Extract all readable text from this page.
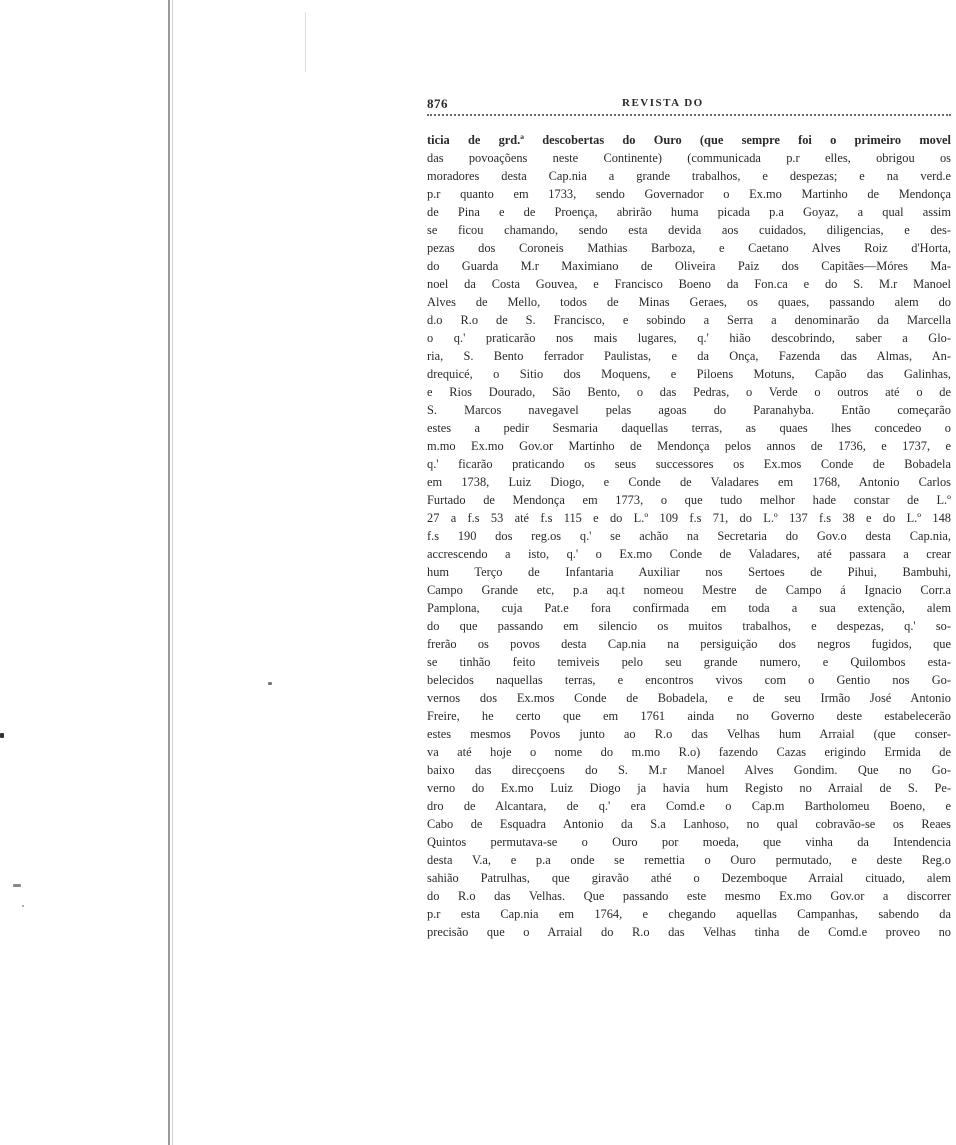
876	REVISTA DO
ticia de grd.ª descobertas do Ouro (que sempre foi o primeiro movel
das povoaçõens neste Continente) (communicada p.r elles, obrigou os
moradores desta Cap.nia a grande trabalhos, e despezas; e na verd.e
p.r quanto em 1733, sendo Governador o Ex.mo Martinho de Mendonça
de Pina e de Proença, abrirão huma picada p.a Goyaz, a qual assim
se ficou chamando, sendo esta devida aos cuidados, diligencias, e des-
pezas dos Coroneis Mathias Barboza, e Caetano Alves Roiz d'Horta,
do Guarda M.r Maximiano de Oliveira Paiz dos Capitães—Móres Ma-
noel da Costa Gouvea, e Francisco Boeno da Fon.ca e do S. M.r Manoel
Alves de Mello, todos de Minas Geraes, os quaes, passando alem do
d.o R.o de S. Francisco, e sobindo a Serra a denominarão da Marcella
o q.' praticarão nos mais lugares, q.' hião descobrindo, saber a Glo-
ria, S. Bento ferrador Paulistas, e da Onça, Fazenda das Almas, An-
drequicé, o Sitio dos Moquens, e Piloens Motuns, Capão das Galinhas,
e Rios Dourado, São Bento, o das Pedras, o Verde o outros até o de
S. Marcos navegavel pelas agoas do Paranahyba. Então começarão
estes a pedir Sesmaria daquellas terras, as quaes lhes concedeo o
m.mo Ex.mo Gov.or Martinho de Mendonça pelos annos de 1736, e 1737, e
q.' ficarão praticando os seus successores os Ex.mos Conde de Bobadela
em 1738, Luiz Diogo, e Conde de Valadares em 1768, Antonio Carlos
Furtado de Mendonça em 1773, o que tudo melhor hade constar de L.º
27 a f.s 53 até f.s 115 e do L.º 109 f.s 71, do L.º 137 f.s 38 e do L.º 148
f.s 190 dos reg.os q.' se achão na Secretaria do Gov.o desta Cap.nia,
accrescendo a isto, q.' o Ex.mo Conde de Valadares, até passara a crear
hum Terço de Infantaria Auxiliar nos Sertoes de Pihui, Bambuhi,
Campo Grande etc, p.a aq.t nomeou Mestre de Campo á Ignacio Corr.a
Pamplona, cuja Pat.e fora confirmada em toda a sua extenção, alem
do que passando em silencio os muitos trabalhos, e despezas, q.' so-
frerão os povos desta Cap.nia na persiguição dos negros fugidos, que
se tinhão feito temiveis pelo seu grande numero, e Quilombos esta-
belecidos naquellas terras, e encontros vivos com o Gentio nos Go-
vernos dos Ex.mos Conde de Bobadela, e de seu Irmão José Antonio
Freire, he certo que em 1761 ainda no Governo deste estabelecerão
estes mesmos Povos junto ao R.o das Velhas hum Arraial (que conser-
va até hoje o nome do m.mo R.o) fazendo Cazas erigindo Ermida de
baixo das direcçoens do S. M.r Manoel Alves Gondim. Que no Go-
verno do Ex.mo Luiz Diogo ja havia hum Registo no Arraial de S. Pe-
dro de Alcantara, de q.' era Comd.e o Cap.m Bartholomeu Boeno, e
Cabo de Esquadra Antonio da S.a Lanhoso, no qual cobravão-se os Reaes
Quintos permutava-se o Ouro por moeda, que vinha da Intendencia
desta V.a, e p.a onde se remettia o Ouro permutado, e deste Reg.o
sahião Patrulhas, que giravão athé o Dezemboque Arraial cituado, alem
do R.o das Velhas. Que passando este mesmo Ex.mo Gov.or a discorrer
p.r esta Cap.nia em 1764, e chegando aquellas Campanhas, sabendo da
precisão que o Arraial do R.o das Velhas tinha de Comd.e proveo no
